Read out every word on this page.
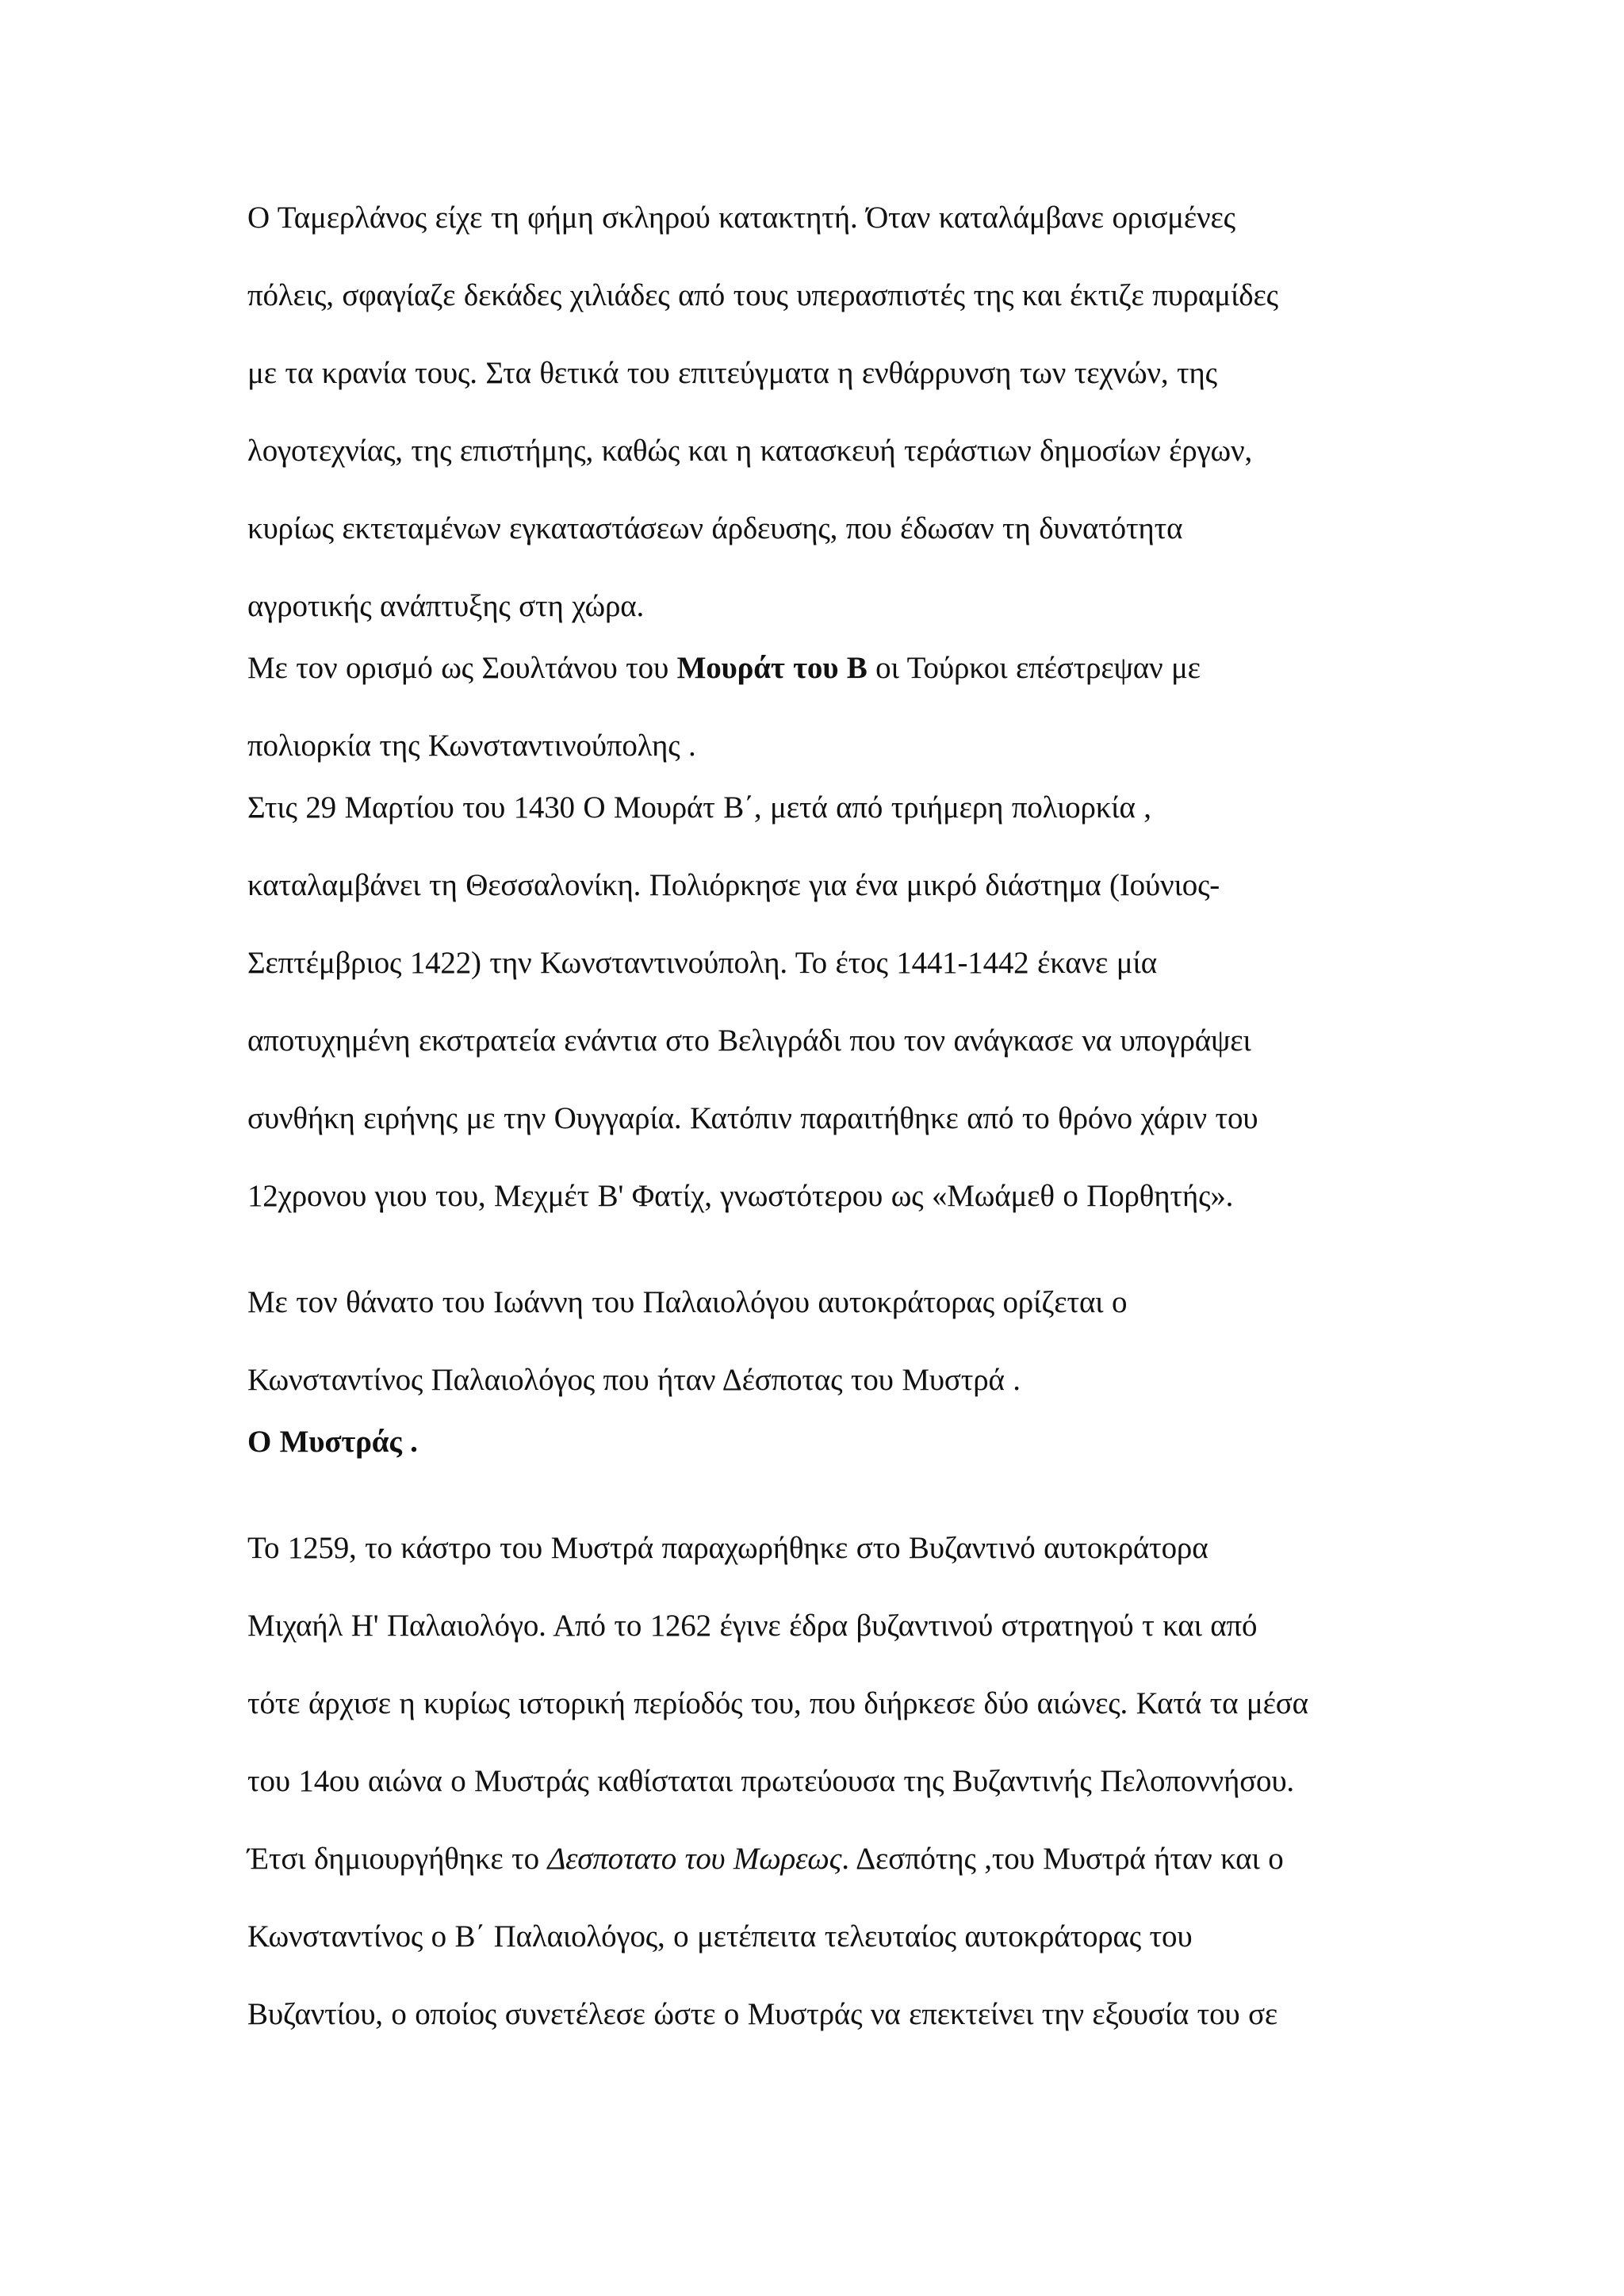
Ο Ταμερλάνος είχε τη φήμη σκληρού κατακτητή. Όταν καταλάμβανε ορισμένες
πόλεις, σφαγίαζε δεκάδες χιλιάδες από τους υπερασπιστές της και έκτιζε πυραμίδες
με τα κρανία τους. Στα θετικά του επιτεύγματα η ενθάρρυνση των τεχνών, της
λογοτεχνίας, της επιστήμης, καθώς και η κατασκευή τεράστιων δημοσίων έργων,
κυρίως εκτεταμένων εγκαταστάσεων άρδευσης, που έδωσαν τη δυνατότητα
αγροτικής ανάπτυξης στη χώρα.
Με τον ορισμό ως Σουλτάνου του Μουράτ του Β οι Τούρκοι επέστρεψαν με
πολιορκία της Κωνσταντινούπολης .
Στις 29 Μαρτίου του 1430 Ο Μουράτ Β΄, μετά από τριήμερη πολιορκία ,
καταλαμβάνει τη Θεσσαλονίκη. Πολιόρκησε για ένα μικρό διάστημα (Ιούνιος-
Σεπτέμβριος 1422) την Κωνσταντινούπολη. Το έτος 1441-1442 έκανε μία
αποτυχημένη εκστρατεία ενάντια στο Βελιγράδι που τον ανάγκασε να υπογράψει
συνθήκη ειρήνης με την Ουγγαρία. Κατόπιν παραιτήθηκε από το θρόνο χάριν του
12χρονου γιου του, Μεχμέτ Β' Φατίχ, γνωστότερου ως «Μωάμεθ ο Πορθητής».
Με τον θάνατο του Ιωάννη του Παλαιολόγου αυτοκράτορας ορίζεται ο
Κωνσταντίνος Παλαιολόγος που ήταν Δέσποτας του Μυστρά .
Ο Μυστράς .
Το 1259, το κάστρο του Μυστρά παραχωρήθηκε στο Βυζαντινό αυτοκράτορα
Μιχαήλ Η' Παλαιολόγο. Από το 1262 έγινε έδρα βυζαντινού στρατηγού τ και από
τότε άρχισε η κυρίως ιστορική περίοδός του, που διήρκεσε δύο αιώνες. Κατά τα μέσα
του 14ου αιώνα ο Μυστράς καθίσταται πρωτεύουσα της Βυζαντινής Πελοποννήσου.
Έτσι δημιουργήθηκε το Δεσποτατο του Μωρεως. Δεσπότης ,του Μυστρά ήταν και ο
Κωνσταντίνος ο Β΄ Παλαιολόγος, ο μετέπειτα τελευταίος αυτοκράτορας του
Βυζαντίου, ο οποίος συνετέλεσε ώστε ο Μυστράς να επεκτείνει την εξουσία του σε
